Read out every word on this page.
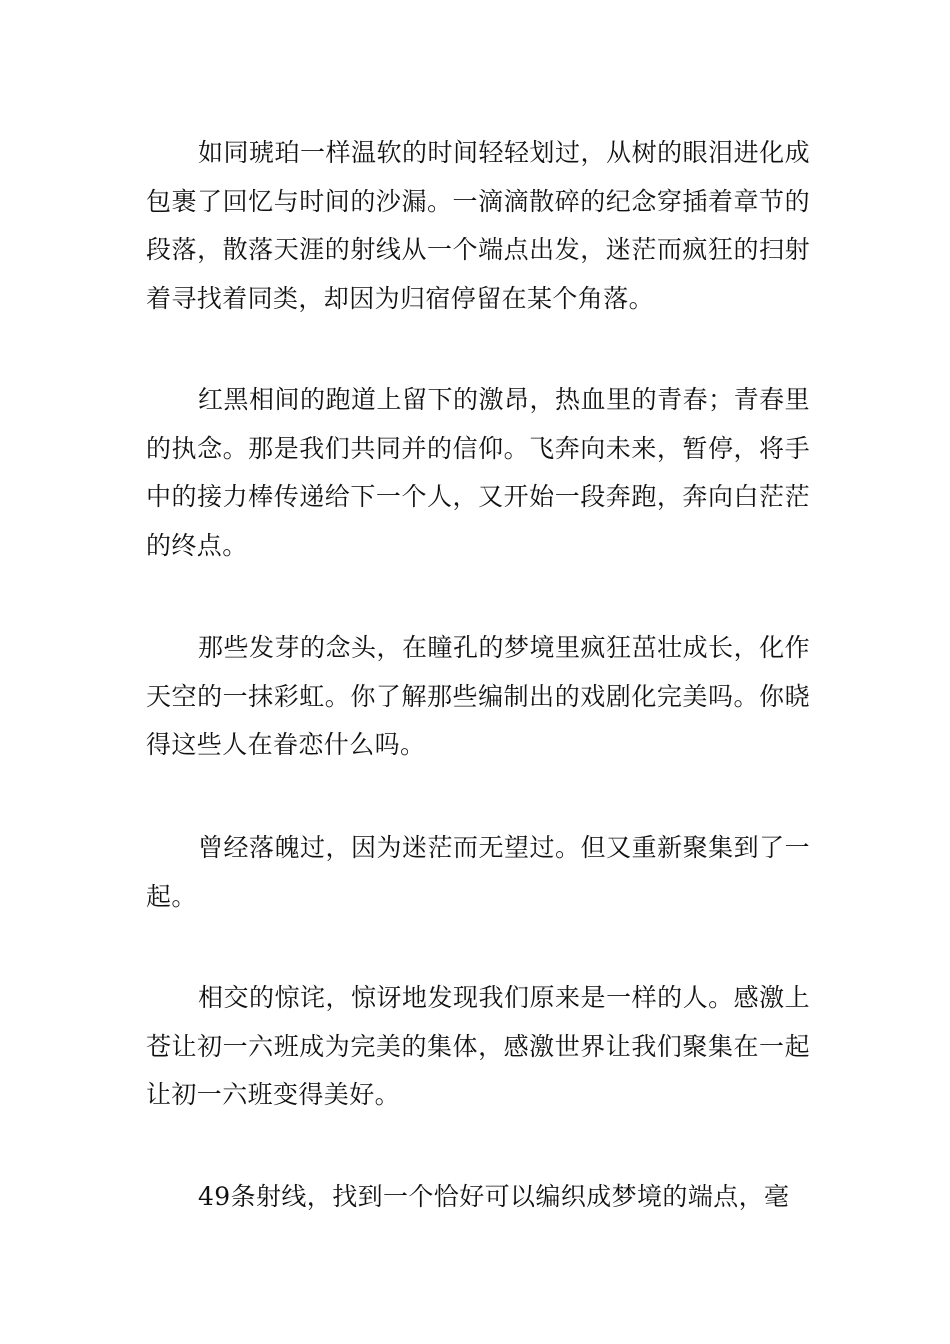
如同琥珀一样温软的时间轻轻划过，从树的眼泪进化成包裹了回忆与时间的沙漏。一滴滴散碎的纪念穿插着章节的段落，散落天涯的射线从一个端点出发，迷茫而疯狂的扫射着寻找着同类，却因为归宿停留在某个角落。

红黑相间的跑道上留下的激昂，热血里的青春；青春里的执念。那是我们共同并的信仰。飞奔向未来，暂停，将手中的接力棒传递给下一个人，又开始一段奔跑，奔向白茫茫的终点。

那些发芽的念头，在瞳孔的梦境里疯狂茁壮成长，化作天空的一抹彩虹。你了解那些编制出的戏剧化完美吗。你晓得这些人在眷恋什么吗。

曾经落魄过，因为迷茫而无望过。但又重新聚集到了一起。

相交的惊诧，惊讶地发现我们原来是一样的人。感激上苍让初一六班成为完美的集体，感激世界让我们聚集在一起让初一六班变得美好。

49条射线，找到一个恰好可以编织成梦境的端点，毫
